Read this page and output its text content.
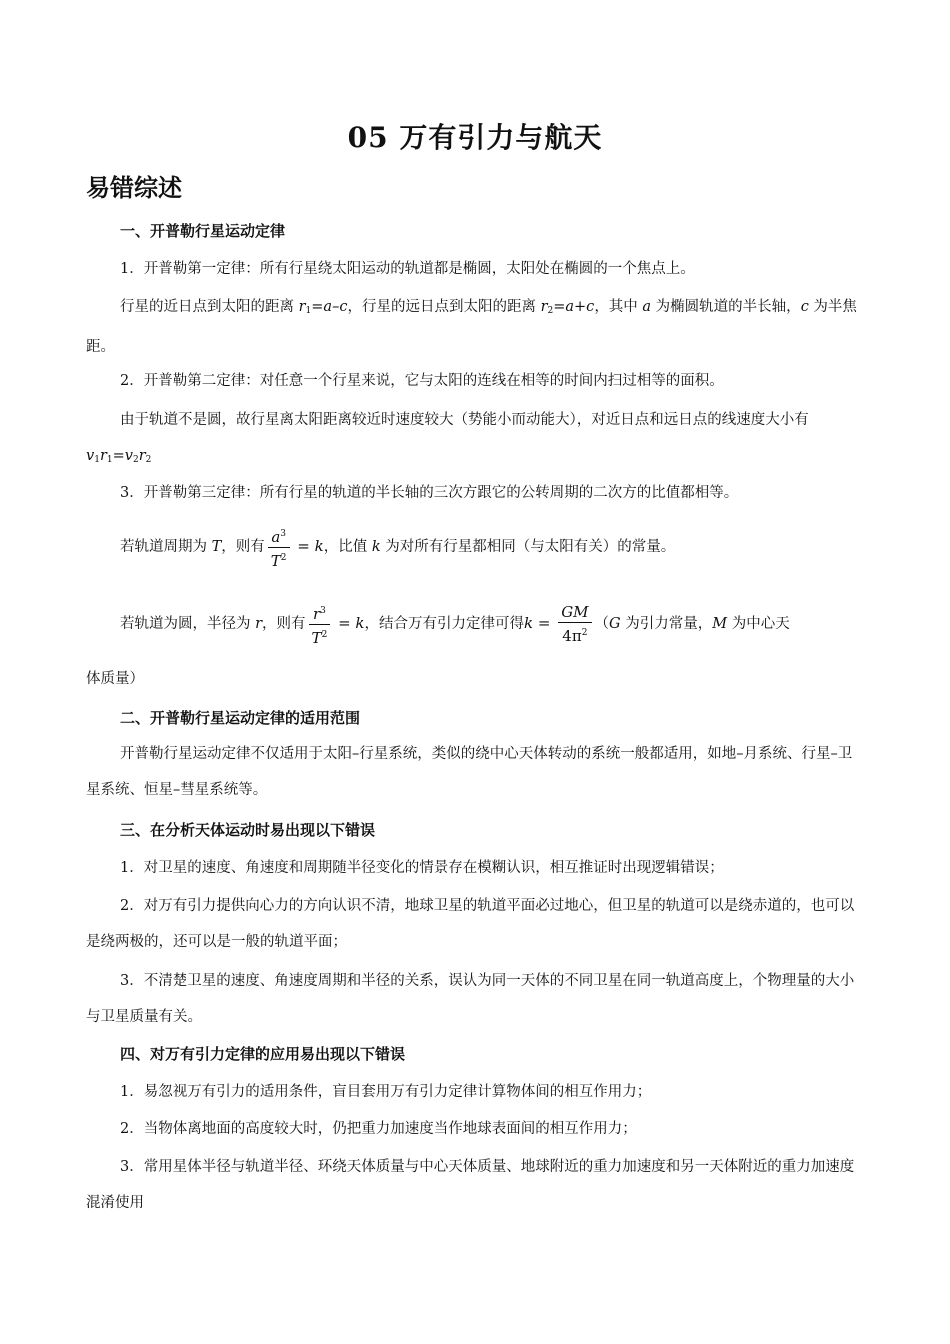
05 万有引力与航天
易错综述
一、开普勒行星运动定律
1．开普勒第一定律：所有行星绕太阳运动的轨道都是椭圆，太阳处在椭圆的一个焦点上。
行星的近日点到太阳的距离 $r_1=a-c$，行星的远日点到太阳的距离 $r_2=a+c$，其中 a 为椭圆轨道的半长轴，c 为半焦距。
2．开普勒第二定律：对任意一个行星来说，它与太阳的连线在相等的时间内扫过相等的面积。
由于轨道不是圆，故行星离太阳距离较近时速度较大（势能小而动能大），对近日点和远日点的线速度大小有 $v_1r_1=v_2r_2$
3．开普勒第三定律：所有行星的轨道的半长轴的三次方跟它的公转周期的二次方的比值都相等。
若轨道周期为 T，则有 $\frac{a^3}{T^2} = k$，比值 k 为对所有行星都相同（与太阳有关）的常量。
若轨道为圆，半径为 r，则有 $\frac{r^3}{T^2} = k$，结合万有引力定律可得$k = \frac{GM}{4\pi^2} (G$ 为引力常量，M 为中心天
体质量）
二、开普勒行星运动定律的适用范围
开普勒行星运动定律不仅适用于太阳–行星系统，类似的绕中心天体转动的系统一般都适用，如地–月系统、行星–卫星系统、恒星–彗星系统等。
三、在分析天体运动时易出现以下错误
1．对卫星的速度、角速度和周期随半径变化的情景存在模糊认识，相互推证时出现逻辑错误；
2．对万有引力提供向心力的方向认识不清，地球卫星的轨道平面必过地心，但卫星的轨道可以是绕赤道的，也可以是绕两极的，还可以是一般的轨道平面；
3．不清楚卫星的速度、角速度周期和半径的关系，误认为同一天体的不同卫星在同一轨道高度上，个物理量的大小与卫星质量有关。
四、对万有引力定律的应用易出现以下错误
1．易忽视万有引力的适用条件，盲目套用万有引力定律计算物体间的相互作用力；
2．当物体离地面的高度较大时，仍把重力加速度当作地球表面间的相互作用力；
3．常用星体半径与轨道半径、环绕天体质量与中心天体质量、地球附近的重力加速度和另一天体附近的重力加速度混淆使用
